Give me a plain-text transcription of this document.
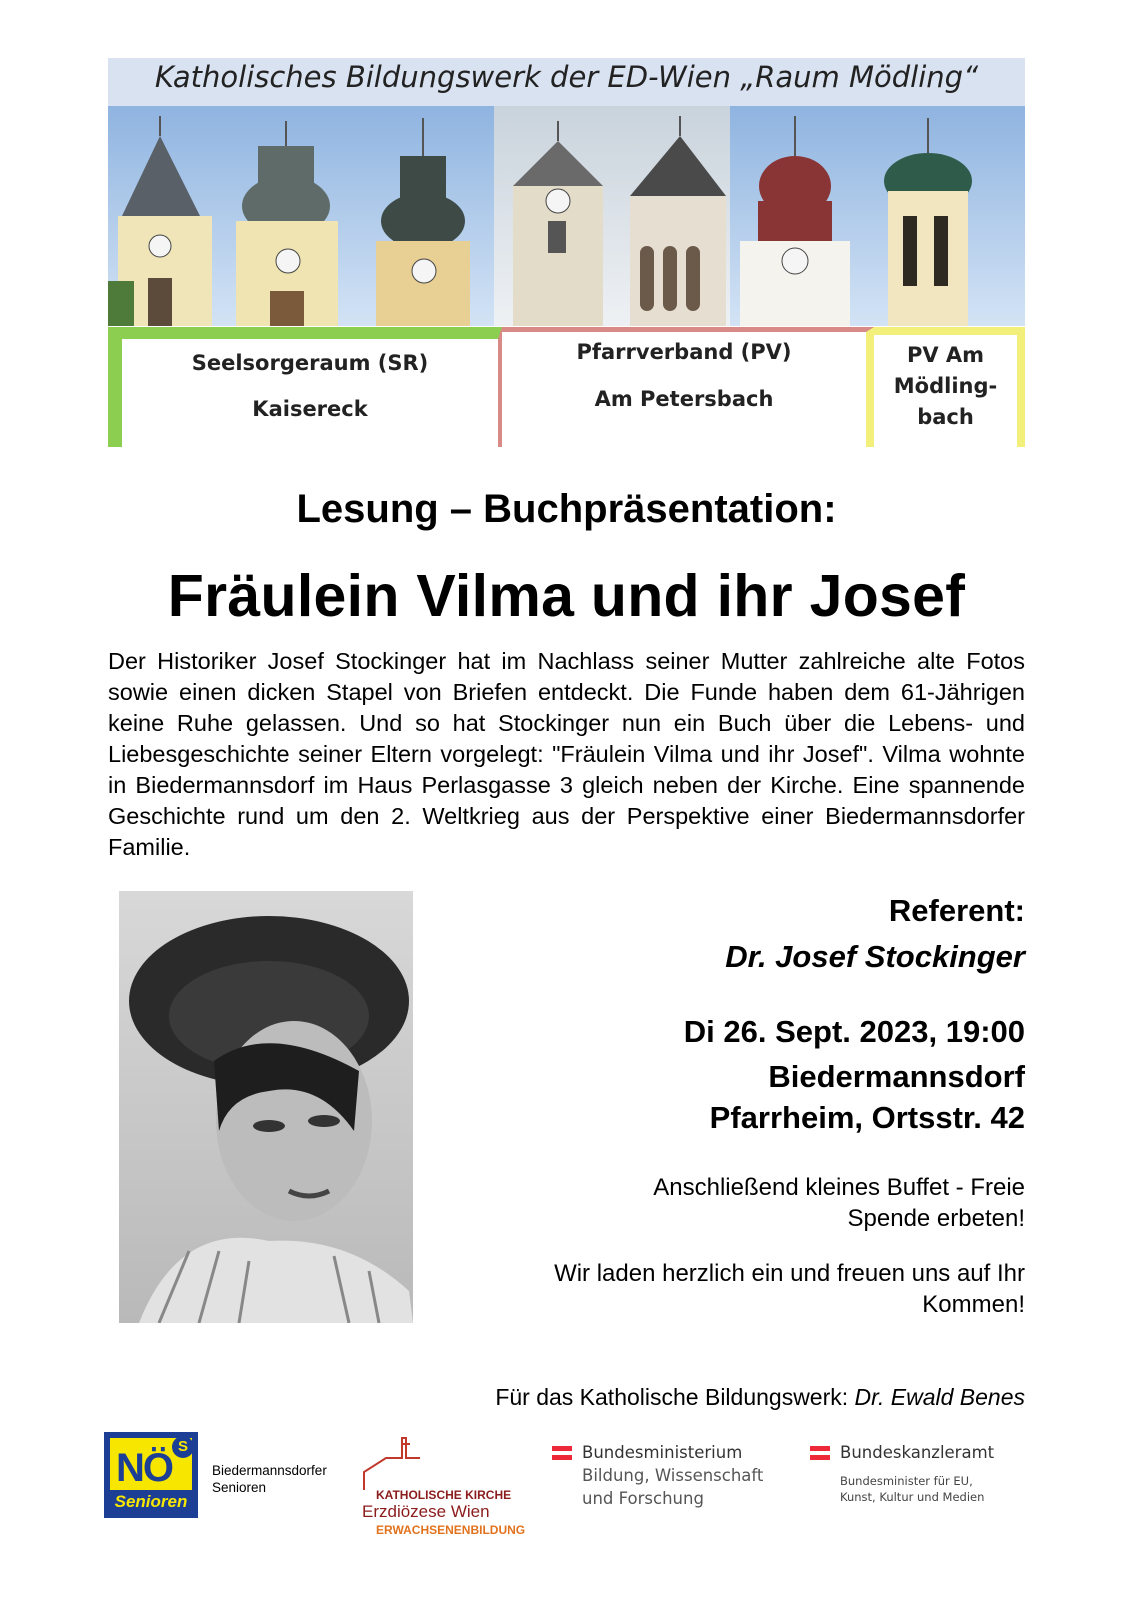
Katholisches Bildungswerk der ED-Wien „Raum Mödling“
Seelsorgeraum (SR)
Kaisereck
Pfarrverband (PV)
Am Petersbach
PV Am
Mödling-
bach
Lesung – Buchpräsentation:
Fräulein Vilma und ihr Josef
Der Historiker Josef Stockinger hat im Nachlass seiner Mutter zahlreiche alte Fotos sowie einen dicken Stapel von Briefen entdeckt. Die Funde haben dem 61-Jährigen keine Ruhe gelassen. Und so hat Stockinger nun ein Buch über die Lebens- und Liebesgeschichte seiner Eltern vorgelegt: "Fräulein Vilma und ihr Josef". Vilma wohnte in Biedermannsdorf im Haus Perlasgasse 3 gleich neben der Kirche. Eine spannende Geschichte rund um den 2. Weltkrieg aus der Perspektive einer Biedermannsdorfer Familie.
Referent:
Dr. Josef Stockinger
Di 26. Sept. 2023, 19:00
Biedermannsdorf
Pfarrheim, Ortsstr. 42
Anschließend kleines Buffet - Freie Spende erbeten!
Wir laden herzlich ein und freuen uns auf Ihr Kommen!
Für das Katholische Bildungswerk: Dr. Ewald Benes
NÖ S
Senioren
Biedermannsdorfer
Senioren	KATHOLISCHE KIRCHE
Erzdiözese Wien
ERWACHSENENBILDUNG
Bundesministerium
Bildung, Wissenschaft
und Forschung
Bundeskanzleramt
Bundesminister für EU,
Kunst, Kultur und Medien
